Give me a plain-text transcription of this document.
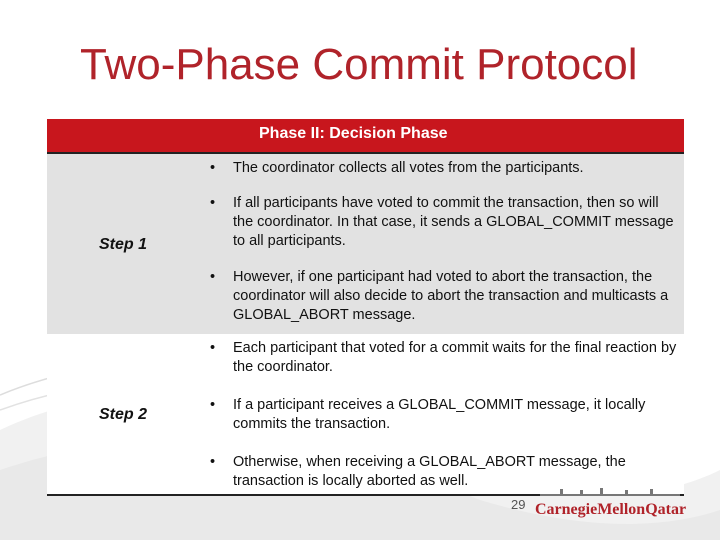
Two-Phase Commit Protocol
Phase II: Decision Phase
Step 1
• The coordinator collects all votes from the participants.
• If all participants have voted to commit the transaction, then so will the coordinator. In that case, it sends a GLOBAL_COMMIT message to all participants.
• However, if one participant had voted to abort the transaction, the coordinator will also decide to abort the transaction and multicasts a GLOBAL_ABORT message.
Step 2
• Each participant that voted for a commit waits for the final reaction by the coordinator.
• If a participant receives a GLOBAL_COMMIT message, it locally commits the transaction.
• Otherwise, when receiving a GLOBAL_ABORT message, the transaction is locally aborted as well.
29 CarnegieMellonQatar
